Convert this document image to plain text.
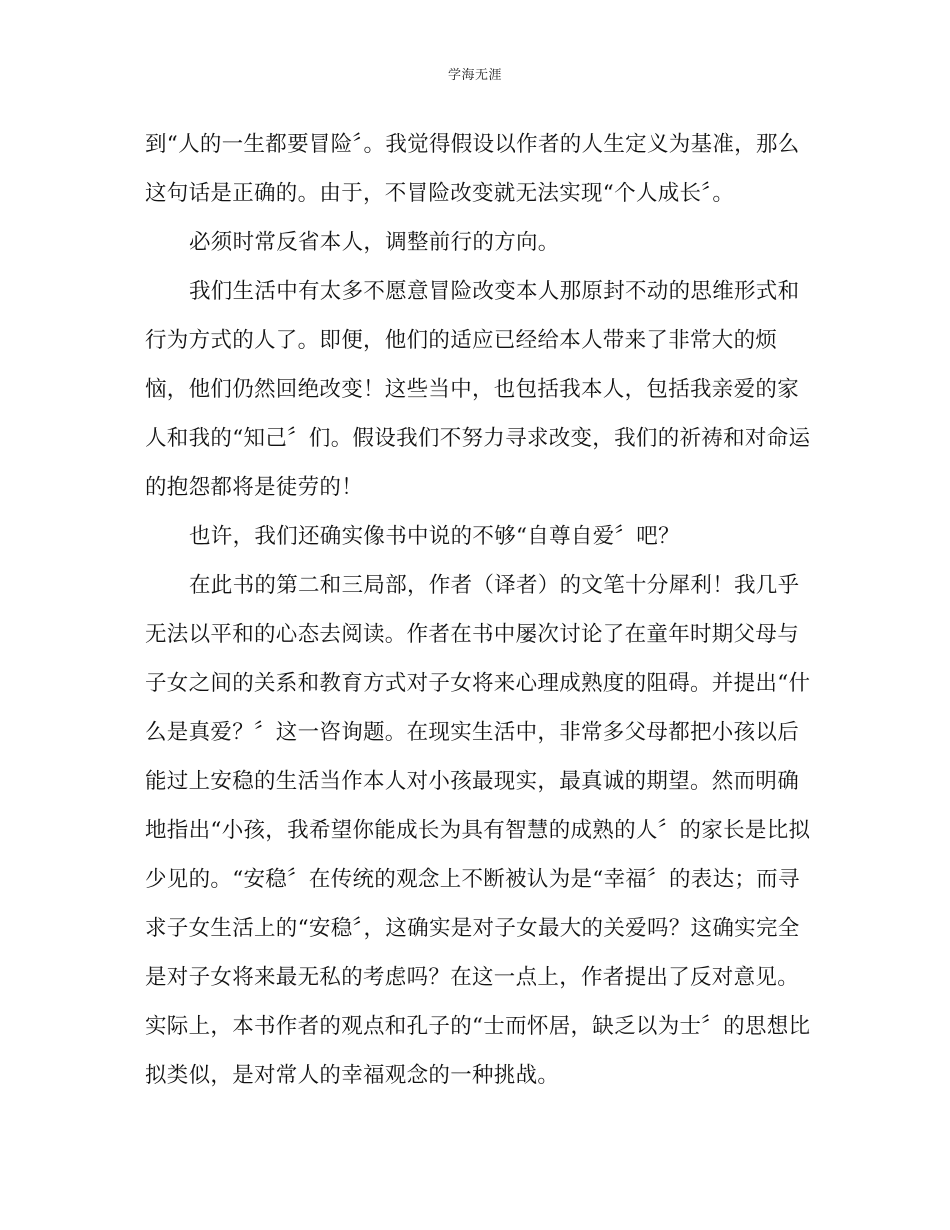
学海无涯
到“人的一生都要冒险〞。我觉得假设以作者的人生定义为基准，那么
这句话是正确的。由于，不冒险改变就无法实现“个人成长〞。
必须时常反省本人，调整前行的方向。
我们生活中有太多不愿意冒险改变本人那原封不动的思维形式和
行为方式的人了。即便，他们的适应已经给本人带来了非常大的烦
恼，他们仍然回绝改变！这些当中，也包括我本人，包括我亲爱的家
人和我的“知己〞们。假设我们不努力寻求改变，我们的祈祷和对命运
的抱怨都将是徒劳的！
也许，我们还确实像书中说的不够“自尊自爱〞吧？
在此书的第二和三局部，作者（译者）的文笔十分犀利！我几乎
无法以平和的心态去阅读。作者在书中屡次讨论了在童年时期父母与
子女之间的关系和教育方式对子女将来心理成熟度的阻碍。并提出“什
么是真爱？〞这一咨询题。在现实生活中，非常多父母都把小孩以后
能过上安稳的生活当作本人对小孩最现实，最真诚的期望。然而明确
地指出“小孩，我希望你能成长为具有智慧的成熟的人〞的家长是比拟
少见的。“安稳〞在传统的观念上不断被认为是“幸福〞的表达；而寻
求子女生活上的“安稳〞，这确实是对子女最大的关爱吗？这确实完全
是对子女将来最无私的考虑吗？在这一点上，作者提出了反对意见。
实际上，本书作者的观点和孔子的“士而怀居，缺乏以为士〞的思想比
拟类似，是对常人的幸福观念的一种挑战。
